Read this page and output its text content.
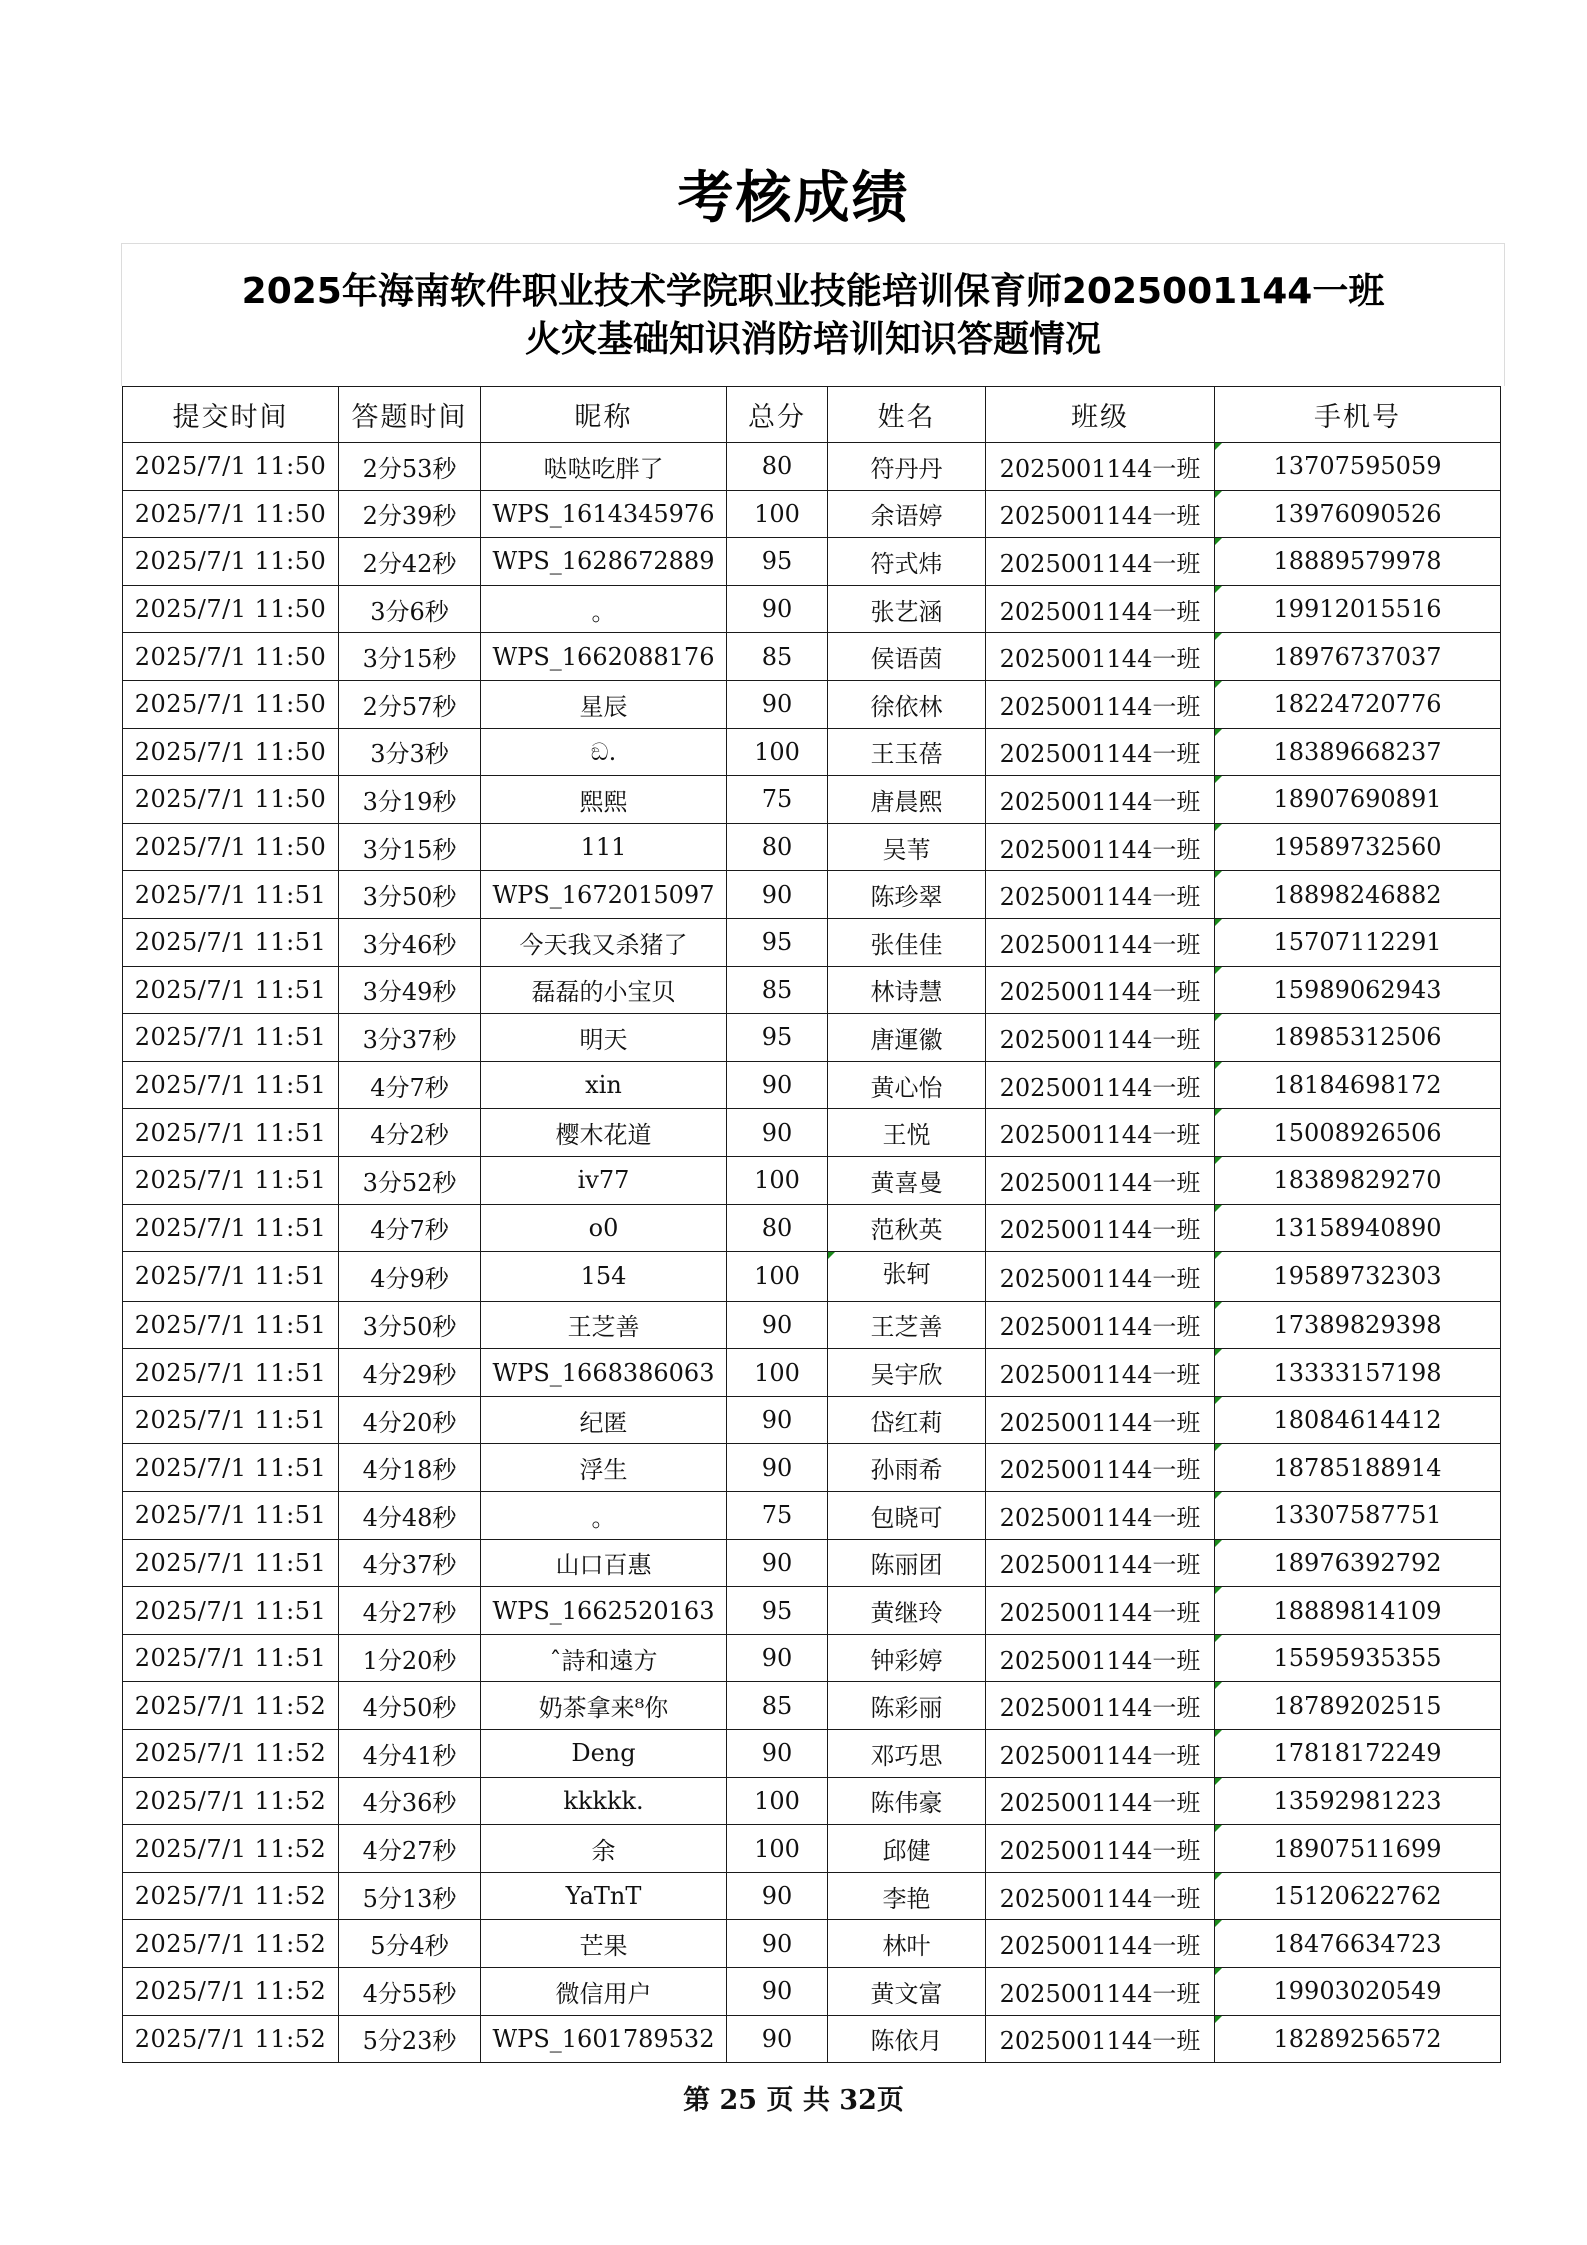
考核成绩
2025年海南软件职业技术学院职业技能培训保育师2025001144一班
火灾基础知识消防培训知识答题情况
提交时间	答题时间	昵称	总分	姓名	班级	手机号
2025/7/1 11:50	2分53秒	哒哒吃胖了	80	符丹丹	2025001144一班	13707595059
2025/7/1 11:50	2分39秒	WPS_1614345976	100	余语婷	2025001144一班	13976090526
2025/7/1 11:50	2分42秒	WPS_1628672889	95	符式炜	2025001144一班	18889579978
2025/7/1 11:50	3分6秒	。	90	张艺涵	2025001144一班	19912015516
2025/7/1 11:50	3分15秒	WPS_1662088176	85	侯语茵	2025001144一班	18976737037
2025/7/1 11:50	2分57秒	星辰	90	徐依林	2025001144一班	18224720776
2025/7/1 11:50	3分3秒	ඞ.	100	王玉蓓	2025001144一班	18389668237
2025/7/1 11:50	3分19秒	熙熙	75	唐晨熙	2025001144一班	18907690891
2025/7/1 11:50	3分15秒	111	80	吴苇	2025001144一班	19589732560
2025/7/1 11:51	3分50秒	WPS_1672015097	90	陈珍翠	2025001144一班	18898246882
2025/7/1 11:51	3分46秒	今天我又杀猪了	95	张佳佳	2025001144一班	15707112291
2025/7/1 11:51	3分49秒	磊磊的小宝贝	85	林诗慧	2025001144一班	15989062943
2025/7/1 11:51	3分37秒	明天	95	唐運徽	2025001144一班	18985312506
2025/7/1 11:51	4分7秒	xin	90	黄心怡	2025001144一班	18184698172
2025/7/1 11:51	4分2秒	樱木花道	90	王悦	2025001144一班	15008926506
2025/7/1 11:51	3分52秒	iv77	100	黄喜曼	2025001144一班	18389829270
2025/7/1 11:51	4分7秒	o0	80	范秋英	2025001144一班	13158940890
2025/7/1 11:51	4分9秒	154	100	张轲	2025001144一班	19589732303
2025/7/1 11:51	3分50秒	王芝善	90	王芝善	2025001144一班	17389829398
2025/7/1 11:51	4分29秒	WPS_1668386063	100	吴宇欣	2025001144一班	13333157198
2025/7/1 11:51	4分20秒	纪匿	90	岱红莉	2025001144一班	18084614412
2025/7/1 11:51	4分18秒	浮生	90	孙雨希	2025001144一班	18785188914
2025/7/1 11:51	4分48秒	。	75	包晓可	2025001144一班	13307587751
2025/7/1 11:51	4分37秒	山口百惠	90	陈丽团	2025001144一班	18976392792
2025/7/1 11:51	4分27秒	WPS_1662520163	95	黄继玲	2025001144一班	18889814109
2025/7/1 11:51	1分20秒	ˆ詩和遠方	90	钟彩婷	2025001144一班	15595935355
2025/7/1 11:52	4分50秒	奶茶拿来⁸你	85	陈彩丽	2025001144一班	18789202515
2025/7/1 11:52	4分41秒	Deng	90	邓巧思	2025001144一班	17818172249
2025/7/1 11:52	4分36秒	kkkkk.	100	陈伟豪	2025001144一班	13592981223
2025/7/1 11:52	4分27秒	余	100	邱健	2025001144一班	18907511699
2025/7/1 11:52	5分13秒	YaTnT	90	李艳	2025001144一班	15120622762
2025/7/1 11:52	5分4秒	芒果	90	林叶	2025001144一班	18476634723
2025/7/1 11:52	4分55秒	微信用户	90	黄文富	2025001144一班	19903020549
2025/7/1 11:52	5分23秒	WPS_1601789532	90	陈依月	2025001144一班	18289256572
第 25 页 共 32页
